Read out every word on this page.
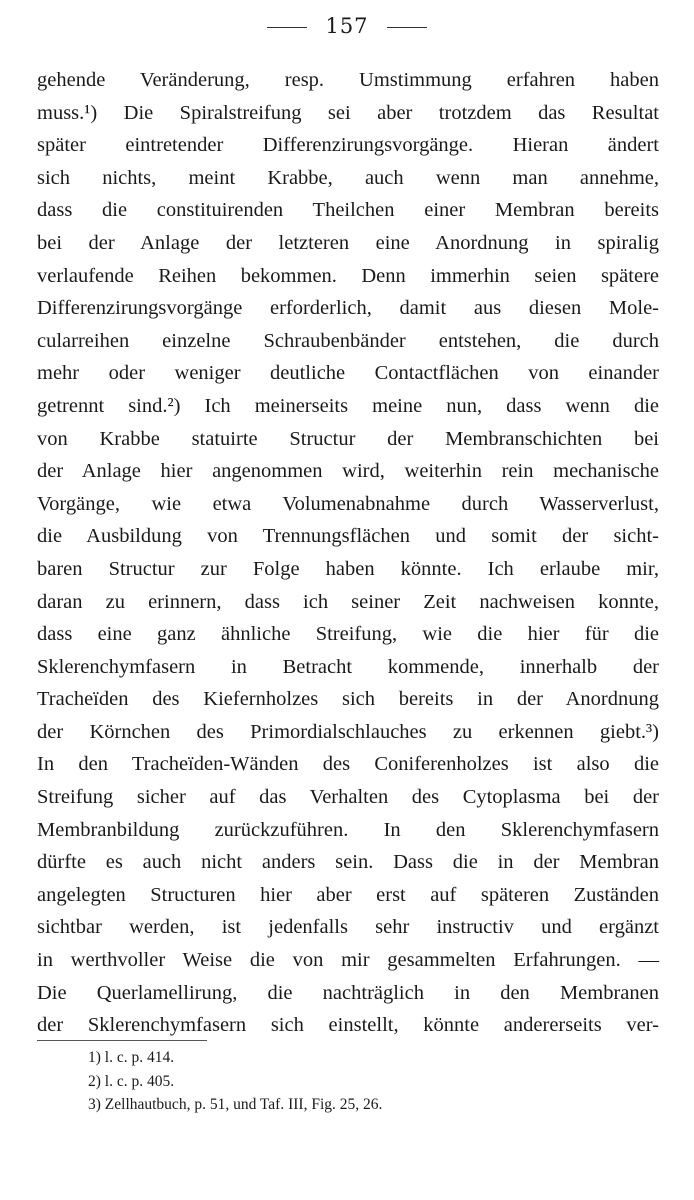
157
gehende Veränderung, resp. Umstimmung erfahren haben
muss.¹) Die Spiralstreifung sei aber trotzdem das Resultat
später eintretender Differenzirungsvorgänge. Hieran ändert
sich nichts, meint Krabbe, auch wenn man annehme,
dass die constituirenden Theilchen einer Membran bereits
bei der Anlage der letzteren eine Anordnung in spiralig
verlaufende Reihen bekommen. Denn immerhin seien spätere
Differenzirungsvorgänge erforderlich, damit aus diesen Mole-
cularreihen einzelne Schraubenbänder entstehen, die durch
mehr oder weniger deutliche Contactflächen von einander
getrennt sind.²) Ich meinerseits meine nun, dass wenn die
von Krabbe statuirte Structur der Membranschichten bei
der Anlage hier angenommen wird, weiterhin rein mechanische
Vorgänge, wie etwa Volumenabnahme durch Wasserverlust,
die Ausbildung von Trennungsflächen und somit der sicht-
baren Structur zur Folge haben könnte. Ich erlaube mir,
daran zu erinnern, dass ich seiner Zeit nachweisen konnte,
dass eine ganz ähnliche Streifung, wie die hier für die
Sklerenchymfasern in Betracht kommende, innerhalb der
Tracheïden des Kiefernholzes sich bereits in der Anordnung
der Körnchen des Primordialschlauches zu erkennen giebt.³)
In den Tracheïden-Wänden des Coniferenholzes ist also die
Streifung sicher auf das Verhalten des Cytoplasma bei der
Membranbildung zurückzuführen. In den Sklerenchymfasern
dürfte es auch nicht anders sein. Dass die in der Membran
angelegten Structuren hier aber erst auf späteren Zuständen
sichtbar werden, ist jedenfalls sehr instructiv und ergänzt
in werthvoller Weise die von mir gesammelten Erfahrungen. —
Die Querlamellirung, die nachträglich in den Membranen
der Sklerenchymfasern sich einstellt, könnte andererseits ver-
1) l. c. p. 414.
2) l. c. p. 405.
3) Zellhautbuch, p. 51, und Taf. III, Fig. 25, 26.
